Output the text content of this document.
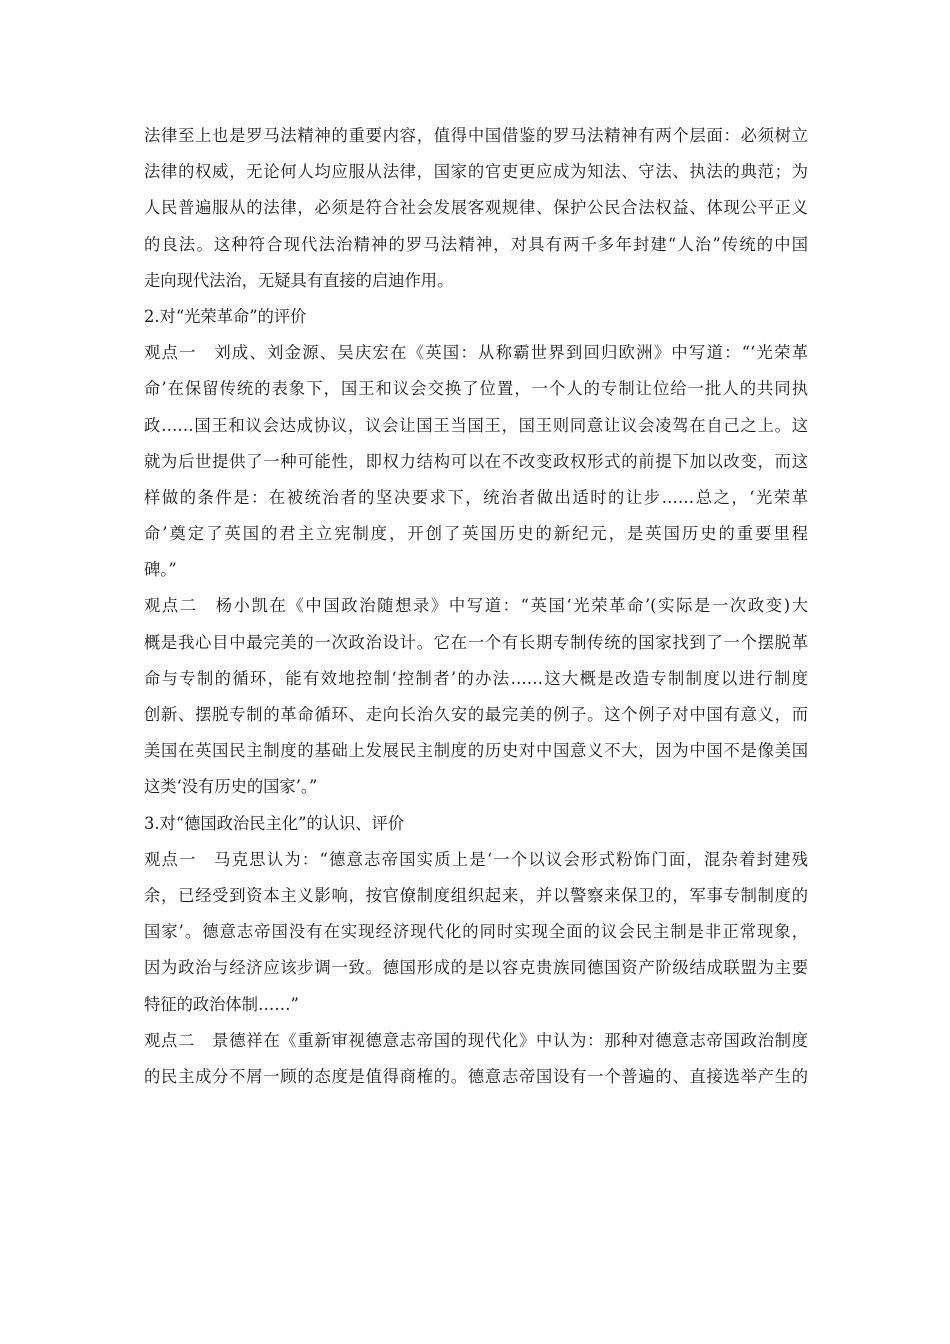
法律至上也是罗马法精神的重要内容，值得中国借鉴的罗马法精神有两个层面：必须树立
法律的权威，无论何人均应服从法律，国家的官吏更应成为知法、守法、执法的典范；为
人民普遍服从的法律，必须是符合社会发展客观规律、保护公民合法权益、体现公平正义
的良法。这种符合现代法治精神的罗马法精神，对具有两千多年封建“人治”传统的中国
走向现代法治，无疑具有直接的启迪作用。
2.对“光荣革命”的评价
观点一　刘成、刘金源、吴庆宏在《英国：从称霸世界到回归欧洲》中写道：“‘光荣革
命’在保留传统的表象下，国王和议会交换了位置，一个人的专制让位给一批人的共同执
政……国王和议会达成协议，议会让国王当国王，国王则同意让议会凌驾在自己之上。这
就为后世提供了一种可能性，即权力结构可以在不改变政权形式的前提下加以改变，而这
样做的条件是：在被统治者的坚决要求下，统治者做出适时的让步……总之，‘光荣革
命’奠定了英国的君主立宪制度，开创了英国历史的新纪元，是英国历史的重要里程
碑。”
观点二　杨小凯在《中国政治随想录》中写道：“英国‘光荣革命’(实际是一次政变)大
概是我心目中最完美的一次政治设计。它在一个有长期专制传统的国家找到了一个摆脱革
命与专制的循环，能有效地控制‘控制者’的办法……这大概是改造专制制度以进行制度
创新、摆脱专制的革命循环、走向长治久安的最完美的例子。这个例子对中国有意义，而
美国在英国民主制度的基础上发展民主制度的历史对中国意义不大，因为中国不是像美国
这类‘没有历史的国家’。”
3.对“德国政治民主化”的认识、评价
观点一　马克思认为：“德意志帝国实质上是‘一个以议会形式粉饰门面，混杂着封建残
余，已经受到资本主义影响，按官僚制度组织起来，并以警察来保卫的，军事专制制度的
国家’。德意志帝国没有在实现经济现代化的同时实现全面的议会民主制是非正常现象，
因为政治与经济应该步调一致。德国形成的是以容克贵族同德国资产阶级结成联盟为主要
特征的政治体制……”
观点二　景德祥在《重新审视德意志帝国的现代化》中认为：那种对德意志帝国政治制度
的民主成分不屑一顾的态度是值得商榷的。德意志帝国设有一个普遍的、直接选举产生的
